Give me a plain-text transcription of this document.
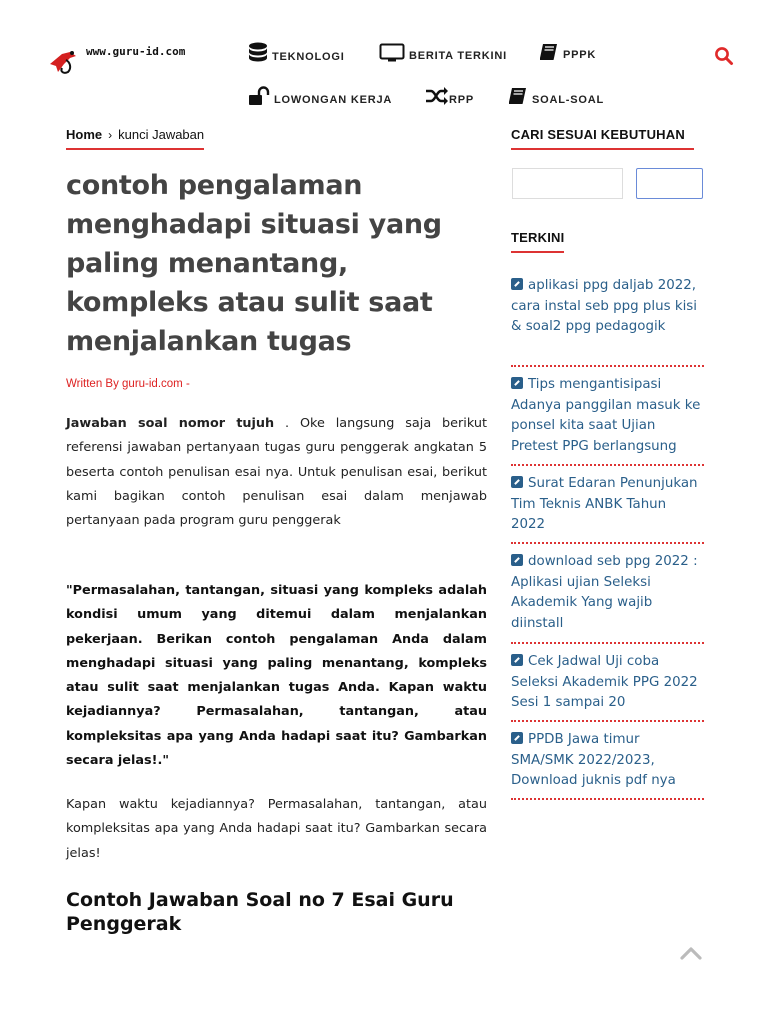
www.guru-id.com	TEKNOLOGI	BERITA TERKINI	PPPK
LOWONGAN KERJA	RPP	SOAL-SOAL
Home › kunci Jawaban
contoh pengalaman menghadapi situasi yang paling menantang, kompleks atau sulit saat menjalankan tugas
Written By guru-id.com -

Jawaban soal nomor tujuh . Oke langsung saja berikut referensi jawaban pertanyaan tugas guru penggerak angkatan 5 beserta contoh penulisan esai nya. Untuk penulisan esai, berikut kami bagikan contoh penulisan esai dalam menjawab pertanyaan pada program guru penggerak

"Permasalahan, tantangan, situasi yang kompleks adalah kondisi umum yang ditemui dalam menjalankan pekerjaan. Berikan contoh pengalaman Anda dalam menghadapi situasi yang paling menantang, kompleks atau sulit saat menjalankan tugas Anda. Kapan waktu kejadiannya? Permasalahan, tantangan, atau kompleksitas apa yang Anda hadapi saat itu? Gambarkan secara jelas!."

Kapan waktu kejadiannya? Permasalahan, tantangan, atau kompleksitas apa yang Anda hadapi saat itu? Gambarkan secara jelas!

Contoh Jawaban Soal no 7 Esai Guru Penggerak
CARI SESUAI KEBUTUHAN
TERKINI
aplikasi ppg daljab 2022, cara instal seb ppg plus kisi & soal2 ppg pedagogik
Tips mengantisipasi Adanya panggilan masuk ke ponsel kita saat Ujian Pretest PPG berlangsung
Surat Edaran Penunjukan Tim Teknis ANBK Tahun 2022
download seb ppg 2022 : Aplikasi ujian Seleksi Akademik Yang wajib diinstall
Cek Jadwal Uji coba Seleksi Akademik PPG 2022 Sesi 1 sampai 20
PPDB Jawa timur SMA/SMK 2022/2023, Download juknis pdf nya
